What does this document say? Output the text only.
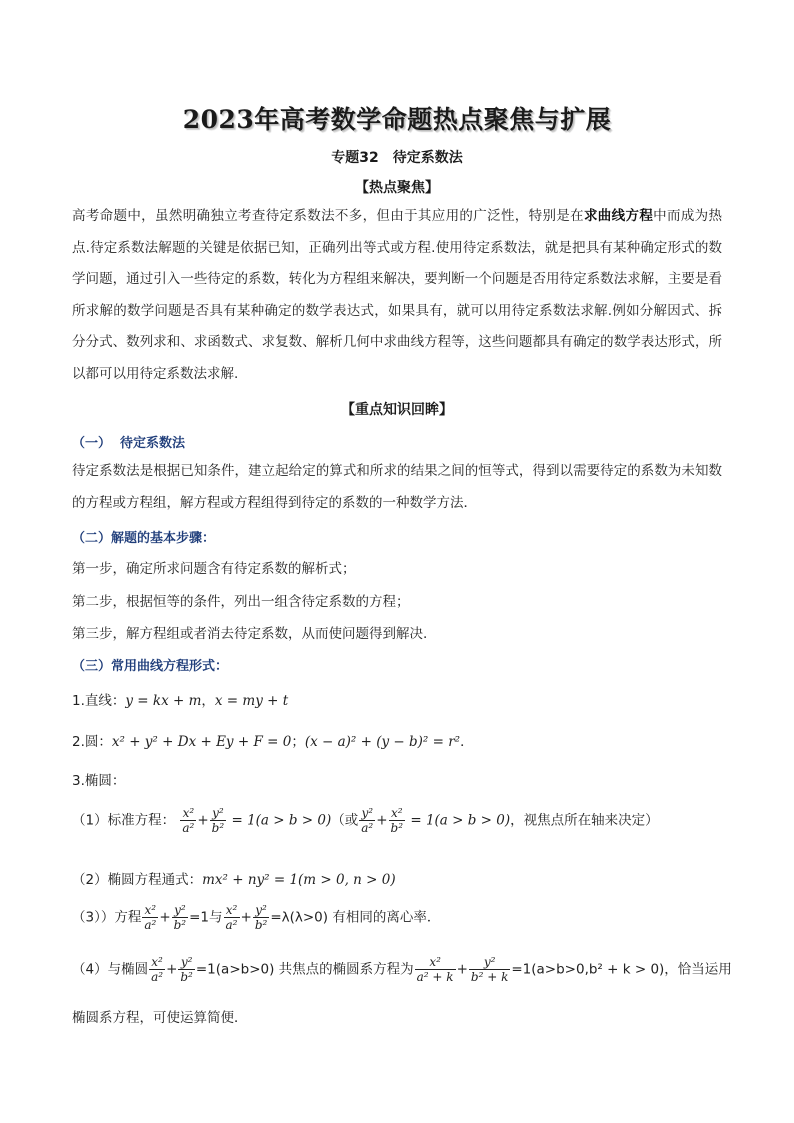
2023年高考数学命题热点聚焦与扩展
专题32　待定系数法
【热点聚焦】
高考命题中，虽然明确独立考查待定系数法不多，但由于其应用的广泛性，特别是在求曲线方程中而成为热点.待定系数法解题的关键是依据已知，正确列出等式或方程.使用待定系数法，就是把具有某种确定形式的数学问题，通过引入一些待定的系数，转化为方程组来解决，要判断一个问题是否用待定系数法求解，主要是看所求解的数学问题是否具有某种确定的数学表达式，如果具有，就可以用待定系数法求解.例如分解因式、拆分分式、数列求和、求函数式、求复数、解析几何中求曲线方程等，这些问题都具有确定的数学表达形式，所以都可以用待定系数法求解.
【重点知识回眸】
（一）  待定系数法
待定系数法是根据已知条件，建立起给定的算式和所求的结果之间的恒等式，得到以需要待定的系数为未知数的方程或方程组，解方程或方程组得到待定的系数的一种数学方法．
（二）解题的基本步骤：
第一步，确定所求问题含有待定系数的解析式；
第二步，根据恒等的条件，列出一组含待定系数的方程；
第三步，解方程组或者消去待定系数，从而使问题得到解决.
（三）常用曲线方程形式：
1.直线：y = kx + m，x = my + t
2.圆：x² + y² + Dx + Ey + F = 0；(x − a)² + (y − b)² = r²．
3.椭圆：
（1）标准方程： $\frac{\text{x²}}{\text{a²}} + \frac{\text{y²}}{\text{b²}} = 1(a > b > 0)$（或 $\frac{\text{y²}}{\text{a²}} + \frac{\text{x²}}{\text{b²}} = 1(a > b > 0)$，视焦点所在轴来决定）
（2）椭圆方程通式：mx² + ny² = 1(m > 0, n > 0)
（3））方程 $\frac{\text{x²}}{\text{a²}} + \frac{\text{y²}}{\text{b²}} =1$与 $\frac{\text{x²}}{\text{a²}} + \frac{\text{y²}}{\text{b²}} =\lambda(\lambda>0)$ 有相同的离心率．
（4）与椭圆 $\frac{\text{x²}}{\text{a²}} + \frac{\text{y²}}{\text{b²}} =1(a>b>0)$ 共焦点的椭圆系方程为 $\frac{\text{x²}}{\text{a² + k}} + \frac{\text{y²}}{\text{b² + k}} =1(a>b>0,b^2 + k > 0)$，恰当运用
椭圆系方程，可使运算简便．
